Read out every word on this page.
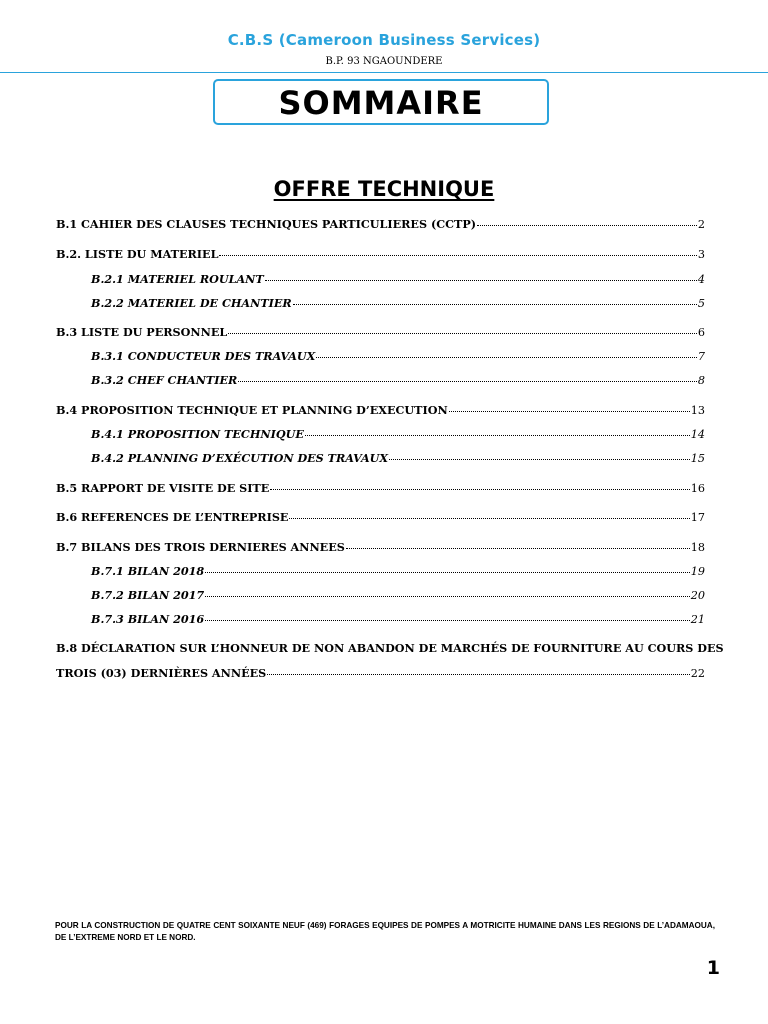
C.B.S (Cameroon Business Services)
B.P. 93 NGAOUNDERE
SOMMAIRE
OFFRE TECHNIQUE
B.1 CAHIER DES CLAUSES TECHNIQUES PARTICULIERES (CCTP)	2
B.2. LISTE DU MATERIEL	3
B.2.1 MATERIEL ROULANT	4
B.2.2 MATERIEL DE CHANTIER	5
B.3 LISTE DU PERSONNEL	6
B.3.1 CONDUCTEUR DES TRAVAUX	7
B.3.2 CHEF CHANTIER	8
B.4 PROPOSITION TECHNIQUE ET PLANNING D’EXECUTION	13
B.4.1 PROPOSITION TECHNIQUE	14
B.4.2 PLANNING D’EXÉCUTION DES TRAVAUX	15
B.5 RAPPORT DE VISITE DE SITE	16
B.6 REFERENCES DE L’ENTREPRISE	17
B.7 BILANS DES TROIS DERNIERES ANNEES	18
B.7.1 BILAN 2018	19
B.7.2 BILAN 2017	20
B.7.3 BILAN 2016	21
B.8 DÉCLARATION SUR L’HONNEUR DE NON ABANDON DE MARCHÉS DE FOURNITURE AU COURS DES
TROIS (03) DERNIÈRES ANNÉES	22
POUR LA CONSTRUCTION DE QUATRE CENT SOIXANTE NEUF (469) FORAGES EQUIPES DE POMPES A MOTRICITE HUMAINE DANS LES REGIONS DE L’ADAMAOUA, DE L’EXTREME NORD ET LE NORD.
1
